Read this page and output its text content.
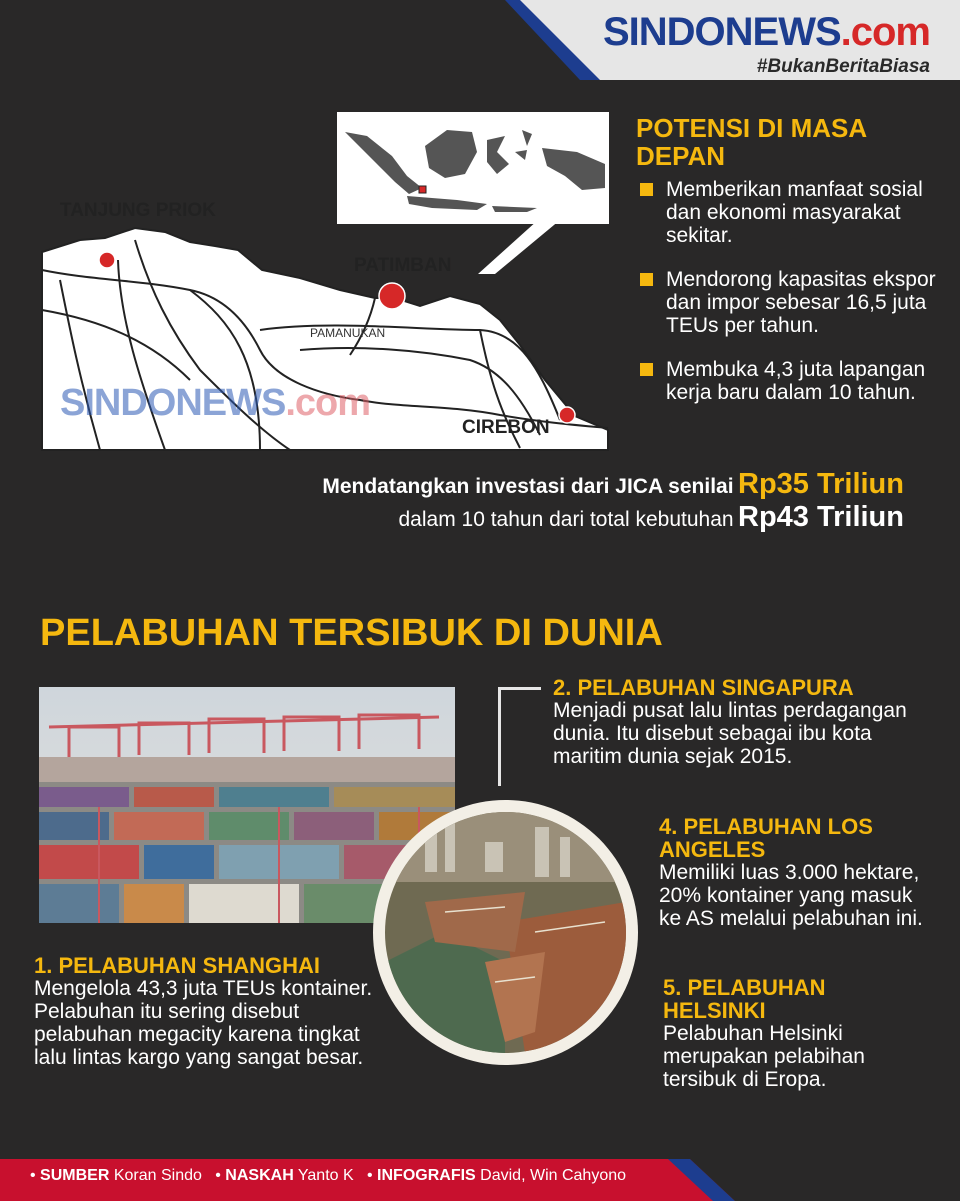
SINDONEWS.com
#BukanBeritaBiasa
TANJUNG PRIOK
PATIMBAN
CIREBON
PAMANUKAN
SINDONEWS.com
POTENSI DI MASA DEPAN
Memberikan manfaat sosial dan ekonomi masyarakat sekitar.
Mendorong kapasitas ekspor dan impor sebesar 16,5 juta TEUs per tahun.
Membuka 4,3 juta lapangan kerja baru dalam 10 tahun.
Mendatangkan investasi dari JICA senilai Rp35 Triliun
dalam 10 tahun dari total kebutuhan Rp43 Triliun
PELABUHAN TERSIBUK DI DUNIA
2. PELABUHAN SINGAPURA
Menjadi pusat lalu lintas perdagangan dunia. Itu disebut sebagai ibu kota maritim dunia sejak 2015.
4. PELABUHAN LOS ANGELES
Memiliki luas 3.000 hektare, 20% kontainer yang masuk ke AS melalui pelabuhan ini.
5. PELABUHAN HELSINKI
Pelabuhan Helsinki merupakan pelabihan tersibuk di Eropa.
1. PELABUHAN SHANGHAI
Mengelola 43,3 juta TEUs kontainer. Pelabuhan itu sering disebut pelabuhan megacity karena tingkat lalu lintas kargo yang sangat besar.
• SUMBER Koran Sindo   • NASKAH Yanto K   • INFOGRAFIS David, Win Cahyono
